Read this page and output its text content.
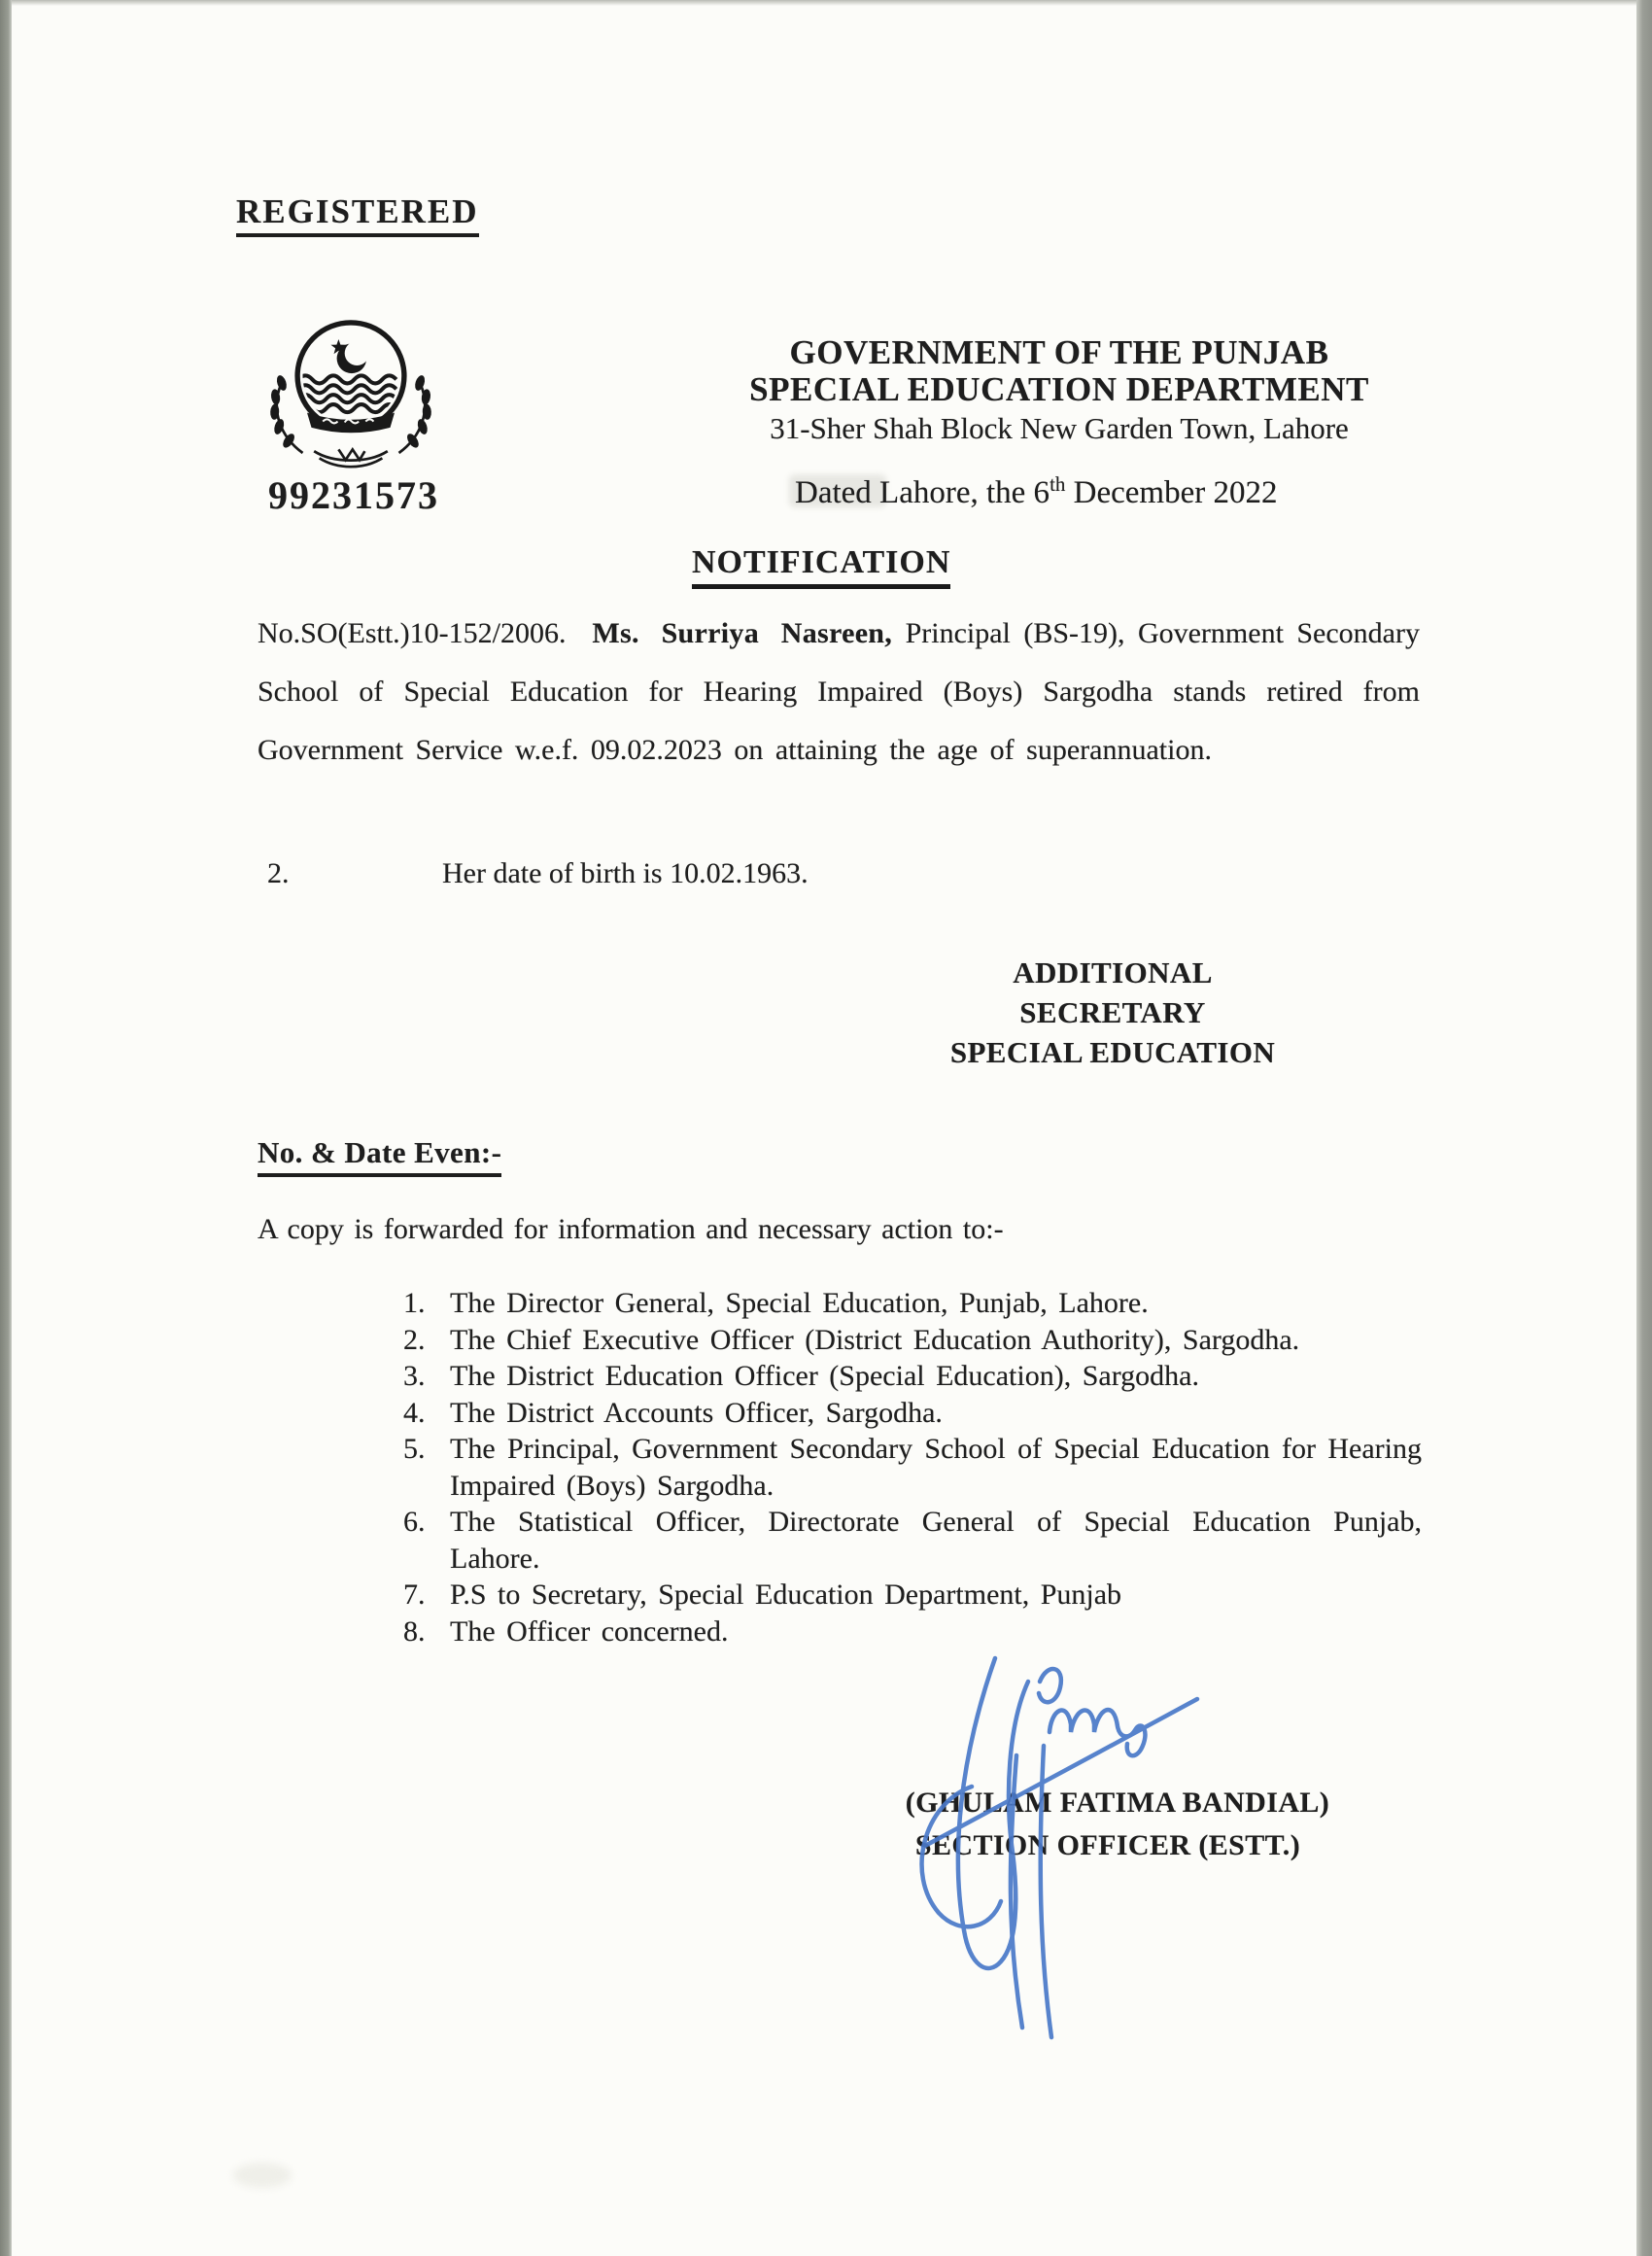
REGISTERED
99231573
GOVERNMENT OF THE PUNJAB
SPECIAL EDUCATION DEPARTMENT
31-Sher Shah Block New Garden Town, Lahore
Dated Lahore, the 6th December 2022
NOTIFICATION

No.SO(Estt.)10-152/2006. Ms. Surriya Nasreen, Principal (BS-19), Government Secondary School of Special Education for Hearing Impaired (Boys) Sargodha stands retired from Government Service w.e.f. 09.02.2023 on attaining the age of superannuation.

2.	Her date of birth is 10.02.1963.
ADDITIONAL SECRETARY
SPECIAL EDUCATION
No. & Date Even:-
A copy is forwarded for information and necessary action to:-
The Director General, Special Education, Punjab, Lahore.
The Chief Executive Officer (District Education Authority), Sargodha.
The District Education Officer (Special Education), Sargodha.
The District Accounts Officer, Sargodha.
The Principal, Government Secondary School of Special Education for Hearing Impaired (Boys) Sargodha.
The Statistical Officer, Directorate General of Special Education Punjab, Lahore.
P.S to Secretary, Special Education Department, Punjab
The Officer concerned.
(GHULAM FATIMA BANDIAL)
SECTION OFFICER (ESTT.)
